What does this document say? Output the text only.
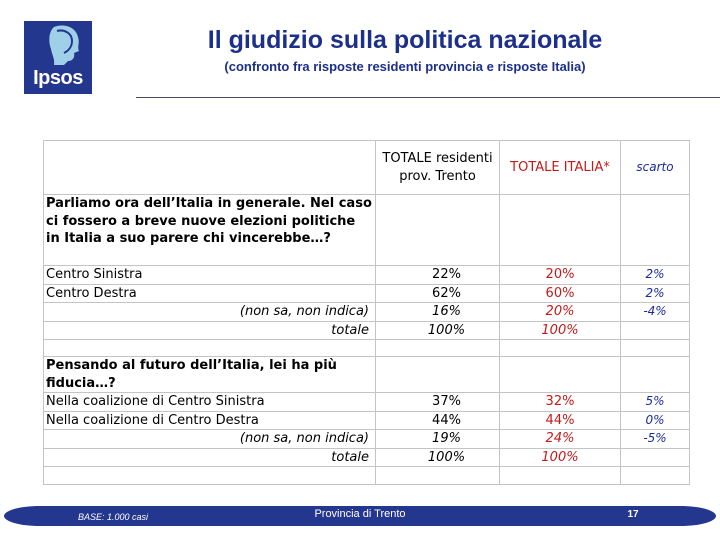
Ipsos
Il giudizio sulla politica nazionale
(confronto fra risposte residenti provincia e risposte Italia)
	TOTALE residenti prov. Trento	TOTALE ITALIA*	scarto
Parliamo ora dell’Italia in generale. Nel caso ci fossero a breve nuove elezioni politiche in Italia a suo parere chi vincerebbe…?			
Centro Sinistra	22%	20%	2%
Centro Destra	62%	60%	2%
(non sa, non indica)	16%	20%	-4%
totale	100%	100%	

Pensando al futuro dell’Italia, lei ha più fiducia…?			
Nella coalizione di Centro Sinistra	37%	32%	5%
Nella coalizione di Centro Destra	44%	44%	0%
(non sa, non indica)	19%	24%	-5%
totale	100%	100%	

BASE: 1.000 casi	Provincia di Trento	17
